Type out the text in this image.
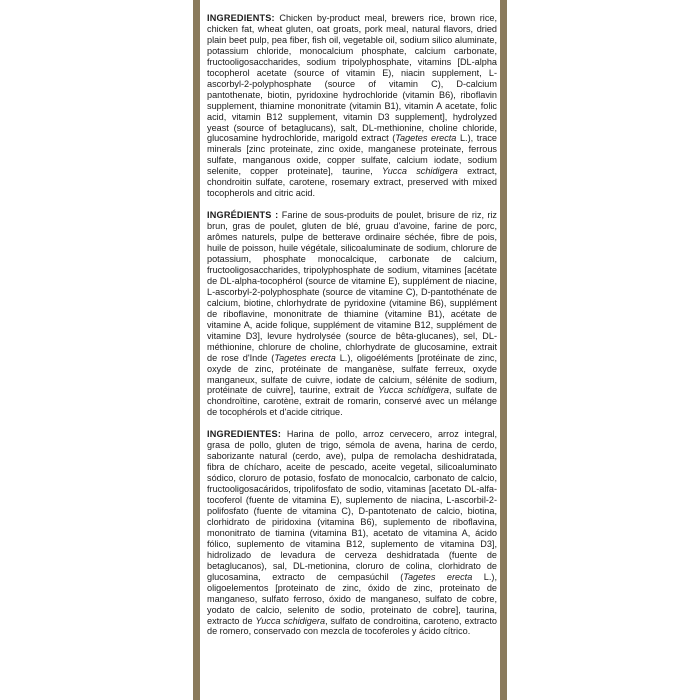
INGREDIENTS: Chicken by-product meal, brewers rice, brown rice, chicken fat, wheat gluten, oat groats, pork meal, natural flavors, dried plain beet pulp, pea fiber, fish oil, vegetable oil, sodium silico aluminate, potassium chloride, monocalcium phosphate, calcium carbonate, fructooligosaccharides, sodium tripolyphosphate, vitamins [DL-alpha tocopherol acetate (source of vitamin E), niacin supplement, L-ascorbyl-2-polyphosphate (source of vitamin C), D-calcium pantothenate, biotin, pyridoxine hydrochloride (vitamin B6), riboflavin supplement, thiamine mononitrate (vitamin B1), vitamin A acetate, folic acid, vitamin B12 supplement, vitamin D3 supplement], hydrolyzed yeast (source of betaglucans), salt, DL-methionine, choline chloride, glucosamine hydrochloride, marigold extract (Tagetes erecta L.), trace minerals [zinc proteinate, zinc oxide, manganese proteinate, ferrous sulfate, manganous oxide, copper sulfate, calcium iodate, sodium selenite, copper proteinate], taurine, Yucca schidigera extract, chondroitin sulfate, carotene, rosemary extract, preserved with mixed tocopherols and citric acid.

INGRÉDIENTS : Farine de sous-produits de poulet, brisure de riz, riz brun, gras de poulet, gluten de blé, gruau d'avoine, farine de porc, arômes naturels, pulpe de betterave ordinaire séchée, fibre de pois, huile de poisson, huile végétale, silicoaluminate de sodium, chlorure de potassium, phosphate monocalcique, carbonate de calcium, fructooligosaccharides, tripolyphosphate de sodium, vitamines [acétate de DL-alpha-tocophérol (source de vitamine E), supplément de niacine, L-ascorbyl-2-polyphosphate (source de vitamine C), D-pantothénate de calcium, biotine, chlorhydrate de pyridoxine (vitamine B6), supplément de riboflavine, mononitrate de thiamine (vitamine B1), acétate de vitamine A, acide folique, supplément de vitamine B12, supplément de vitamine D3], levure hydrolysée (source de bêta-glucanes), sel, DL-méthionine, chlorure de choline, chlorhydrate de glucosamine, extrait de rose d'Inde (Tagetes erecta L.), oligoéléments [protéinate de zinc, oxyde de zinc, protéinate de manganèse, sulfate ferreux, oxyde manganeux, sulfate de cuivre, iodate de calcium, sélénite de sodium, protéinate de cuivre], taurine, extrait de Yucca schidigera, sulfate de chondroïtine, carotène, extrait de romarin, conservé avec un mélange de tocophérols et d'acide citrique.

INGREDIENTES: Harina de pollo, arroz cervecero, arroz integral, grasa de pollo, gluten de trigo, sémola de avena, harina de cerdo, saborizante natural (cerdo, ave), pulpa de remolacha deshidratada, fibra de chícharo, aceite de pescado, aceite vegetal, silicoaluminato sódico, cloruro de potasio, fosfato de monocalcio, carbonato de calcio, fructooligosacáridos, tripolifosfato de sodio, vitaminas [acetato DL-alfa-tocoferol (fuente de vitamina E), suplemento de niacina, L-ascorbil-2-polifosfato (fuente de vitamina C), D-pantotenato de calcio, biotina, clorhidrato de piridoxina (vitamina B6), suplemento de riboflavina, mononitrato de tiamina (vitamina B1), acetato de vitamina A, ácido fólico, suplemento de vitamina B12, suplemento de vitamina D3], hidrolizado de levadura de cerveza deshidratada (fuente de betaglucanos), sal, DL-metionina, cloruro de colina, clorhidrato de glucosamina, extracto de cempasúchil (Tagetes erecta L.), oligoelementos [proteinato de zinc, óxido de zinc, proteinato de manganeso, sulfato ferroso, óxido de manganeso, sulfato de cobre, yodato de calcio, selenito de sodio, proteinato de cobre], taurina, extracto de Yucca schidigera, sulfato de condroitina, caroteno, extracto de romero, conservado con mezcla de tocoferoles y ácido cítrico.
